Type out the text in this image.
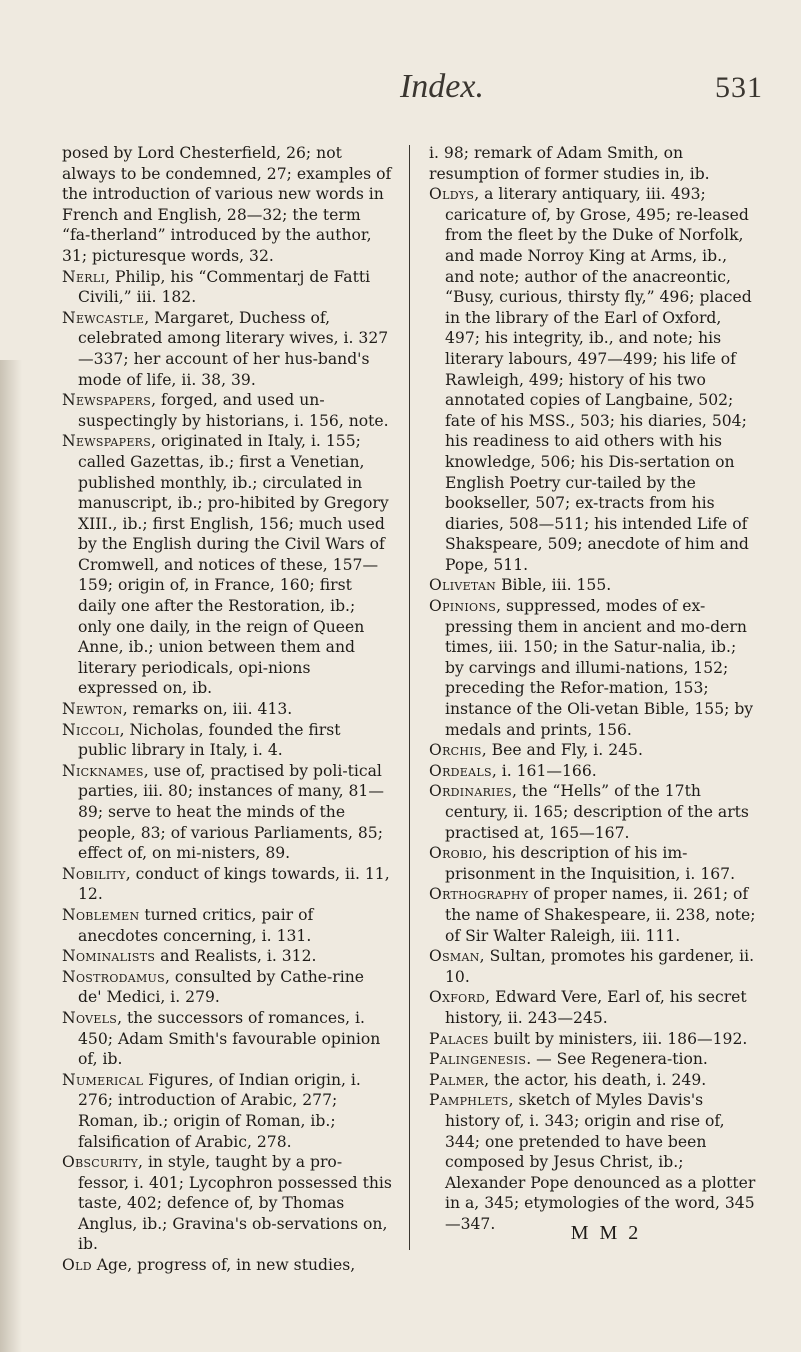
Index.	531

posed by Lord Chesterfield, 26; not always to be condemned, 27; examples of the introduction of various new words in French and English, 28—32; the term “fa-therland” introduced by the author, 31; picturesque words, 32.

Nerli, Philip, his “Commentarj de Fatti Civili,” iii. 182.

Newcastle, Margaret, Duchess of, celebrated among literary wives, i. 327—337; her account of her hus-band's mode of life, ii. 38, 39.

Newspapers, forged, and used un-suspectingly by historians, i. 156, note.

Newspapers, originated in Italy, i. 155; called Gazettas, ib.; first a Venetian, published monthly, ib.; circulated in manuscript, ib.; pro-hibited by Gregory XIII., ib.; first English, 156; much used by the English during the Civil Wars of Cromwell, and notices of these, 157—159; origin of, in France, 160; first daily one after the Restoration, ib.; only one daily, in the reign of Queen Anne, ib.; union between them and literary periodicals, opi-nions expressed on, ib.

Newton, remarks on, iii. 413.

Niccoli, Nicholas, founded the first public library in Italy, i. 4.

Nicknames, use of, practised by poli-tical parties, iii. 80; instances of many, 81—89; serve to heat the minds of the people, 83; of various Parliaments, 85; effect of, on mi-nisters, 89.

Nobility, conduct of kings towards, ii. 11, 12.

Noblemen turned critics, pair of anecdotes concerning, i. 131.

Nominalists and Realists, i. 312.

Nostrodamus, consulted by Cathe-rine de' Medici, i. 279.

Novels, the successors of romances, i. 450; Adam Smith's favourable opinion of, ib.

Numerical Figures, of Indian origin, i. 276; introduction of Arabic, 277; Roman, ib.; origin of Roman, ib.; falsification of Arabic, 278.

Obscurity, in style, taught by a pro-fessor, i. 401; Lycophron possessed this taste, 402; defence of, by Thomas Anglus, ib.; Gravina's ob-servations on, ib.

Old Age, progress of, in new studies,

i. 98; remark of Adam Smith, on resumption of former studies in, ib.

Oldys, a literary antiquary, iii. 493; caricature of, by Grose, 495; re-leased from the fleet by the Duke of Norfolk, and made Norroy King at Arms, ib., and note; author of the anacreontic, “Busy, curious, thirsty fly,” 496; placed in the library of the Earl of Oxford, 497; his integrity, ib., and note; his literary labours, 497—499; his life of Rawleigh, 499; history of his two annotated copies of Langbaine, 502; fate of his MSS., 503; his diaries, 504; his readiness to aid others with his knowledge, 506; his Dis-sertation on English Poetry cur-tailed by the bookseller, 507; ex-tracts from his diaries, 508—511; his intended Life of Shakspeare, 509; anecdote of him and Pope, 511.

Olivetan Bible, iii. 155.

Opinions, suppressed, modes of ex-pressing them in ancient and mo-dern times, iii. 150; in the Satur-nalia, ib.; by carvings and illumi-nations, 152; preceding the Refor-mation, 153; instance of the Oli-vetan Bible, 155; by medals and prints, 156.

Orchis, Bee and Fly, i. 245.

Ordeals, i. 161—166.

Ordinaries, the “Hells” of the 17th century, ii. 165; description of the arts practised at, 165—167.

Orobio, his description of his im-prisonment in the Inquisition, i. 167.

Orthography of proper names, ii. 261; of the name of Shakespeare, ii. 238, note; of Sir Walter Raleigh, iii. 111.

Osman, Sultan, promotes his gardener, ii. 10.

Oxford, Edward Vere, Earl of, his secret history, ii. 243—245.

Palaces built by ministers, iii. 186—192.

Palingenesis. — See Regenera-tion.

Palmer, the actor, his death, i. 249.

Pamphlets, sketch of Myles Davis's history of, i. 343; origin and rise of, 344; one pretended to have been composed by Jesus Christ, ib.; Alexander Pope denounced as a plotter in a, 345; etymologies of the word, 345—347.	M M 2
